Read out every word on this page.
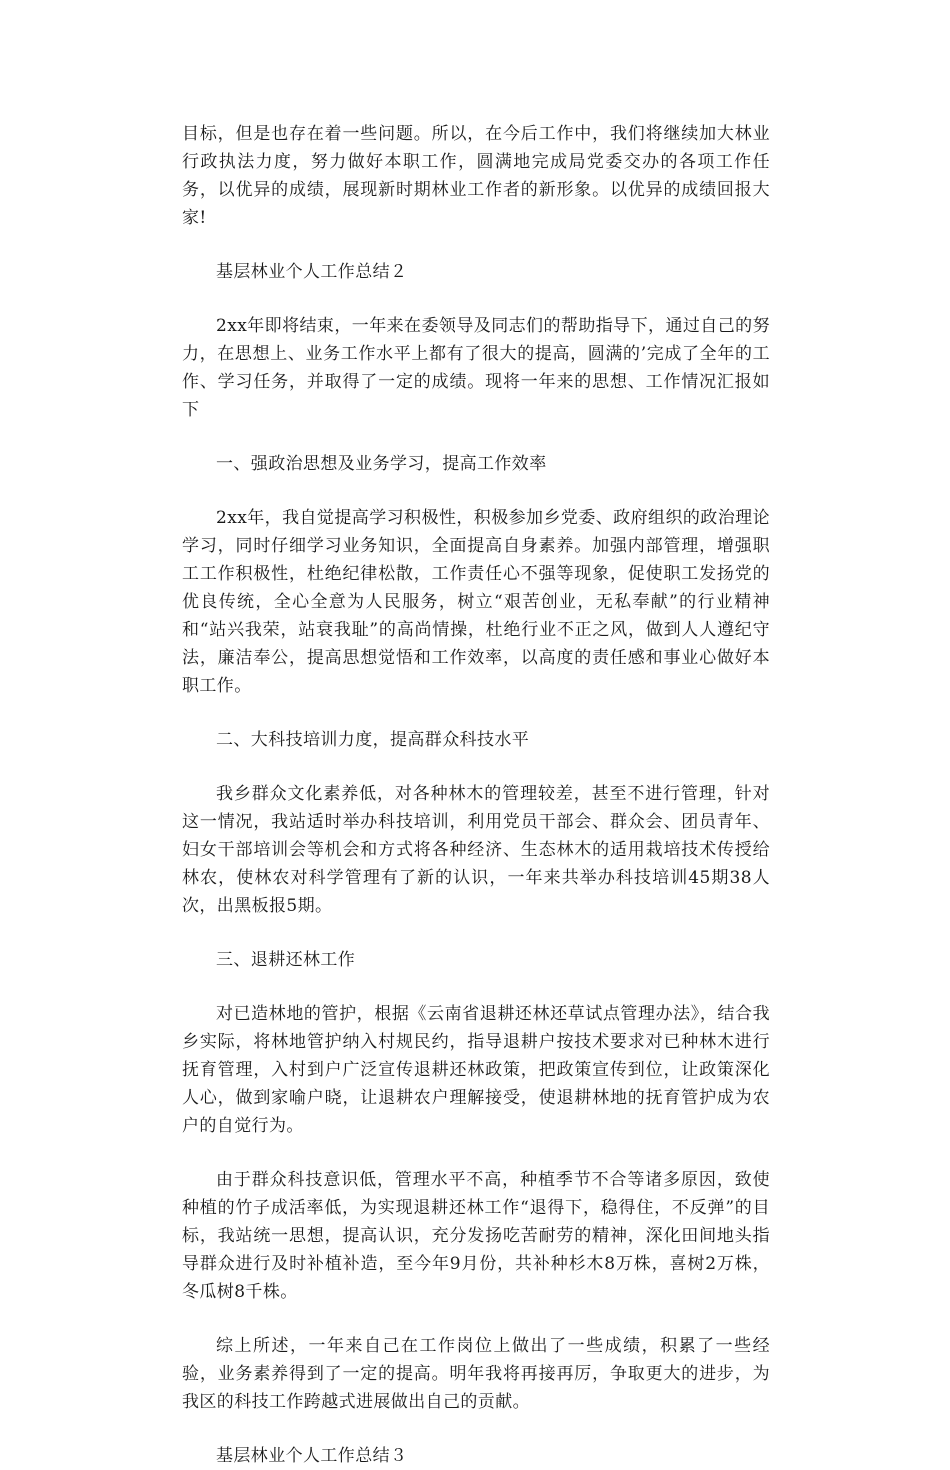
目标，但是也存在着一些问题。所以，在今后工作中，我们将继续加大林业行政执法力度，努力做好本职工作，圆满地完成局党委交办的各项工作任务，以优异的成绩，展现新时期林业工作者的新形象。以优异的成绩回报大家!

基层林业个人工作总结２

2xx年即将结束，一年来在委领导及同志们的帮助指导下，通过自己的努力，在思想上、业务工作水平上都有了很大的提高，圆满的’完成了全年的工作、学习任务，并取得了一定的成绩。现将一年来的思想、工作情况汇报如下

一、强政治思想及业务学习，提高工作效率

2xx年，我自觉提高学习积极性，积极参加乡党委、政府组织的政治理论学习，同时仔细学习业务知识，全面提高自身素养。加强内部管理，增强职工工作积极性，杜绝纪律松散，工作责任心不强等现象，促使职工发扬党的优良传统，全心全意为人民服务，树立“艰苦创业，无私奉献”的行业精神和“站兴我荣，站衰我耻”的高尚情操，杜绝行业不正之风，做到人人遵纪守法，廉洁奉公，提高思想觉悟和工作效率，以高度的责任感和事业心做好本职工作。

二、大科技培训力度，提高群众科技水平

我乡群众文化素养低，对各种林木的管理较差，甚至不进行管理，针对这一情况，我站适时举办科技培训，利用党员干部会、群众会、团员青年、妇女干部培训会等机会和方式将各种经济、生态林木的适用栽培技术传授给林农，使林农对科学管理有了新的认识，一年来共举办科技培训45期38人次，出黑板报5期。

三、退耕还林工作

对已造林地的管护，根据《云南省退耕还林还草试点管理办法》，结合我乡实际，将林地管护纳入村规民约，指导退耕户按技术要求对已种林木进行抚育管理，入村到户广泛宣传退耕还林政策，把政策宣传到位，让政策深化人心，做到家喻户晓，让退耕农户理解接受，使退耕林地的抚育管护成为农户的自觉行为。

由于群众科技意识低，管理水平不高，种植季节不合等诸多原因，致使种植的竹子成活率低，为实现退耕还林工作“退得下，稳得住，不反弹”的目标，我站统一思想，提高认识，充分发扬吃苦耐劳的精神，深化田间地头指导群众进行及时补植补造，至今年9月份，共补种杉木8万株，喜树2万株，冬瓜树8千株。

综上所述，一年来自己在工作岗位上做出了一些成绩，积累了一些经验，业务素养得到了一定的提高。明年我将再接再厉，争取更大的进步，为我区的科技工作跨越式进展做出自己的贡献。

基层林业个人工作总结３
